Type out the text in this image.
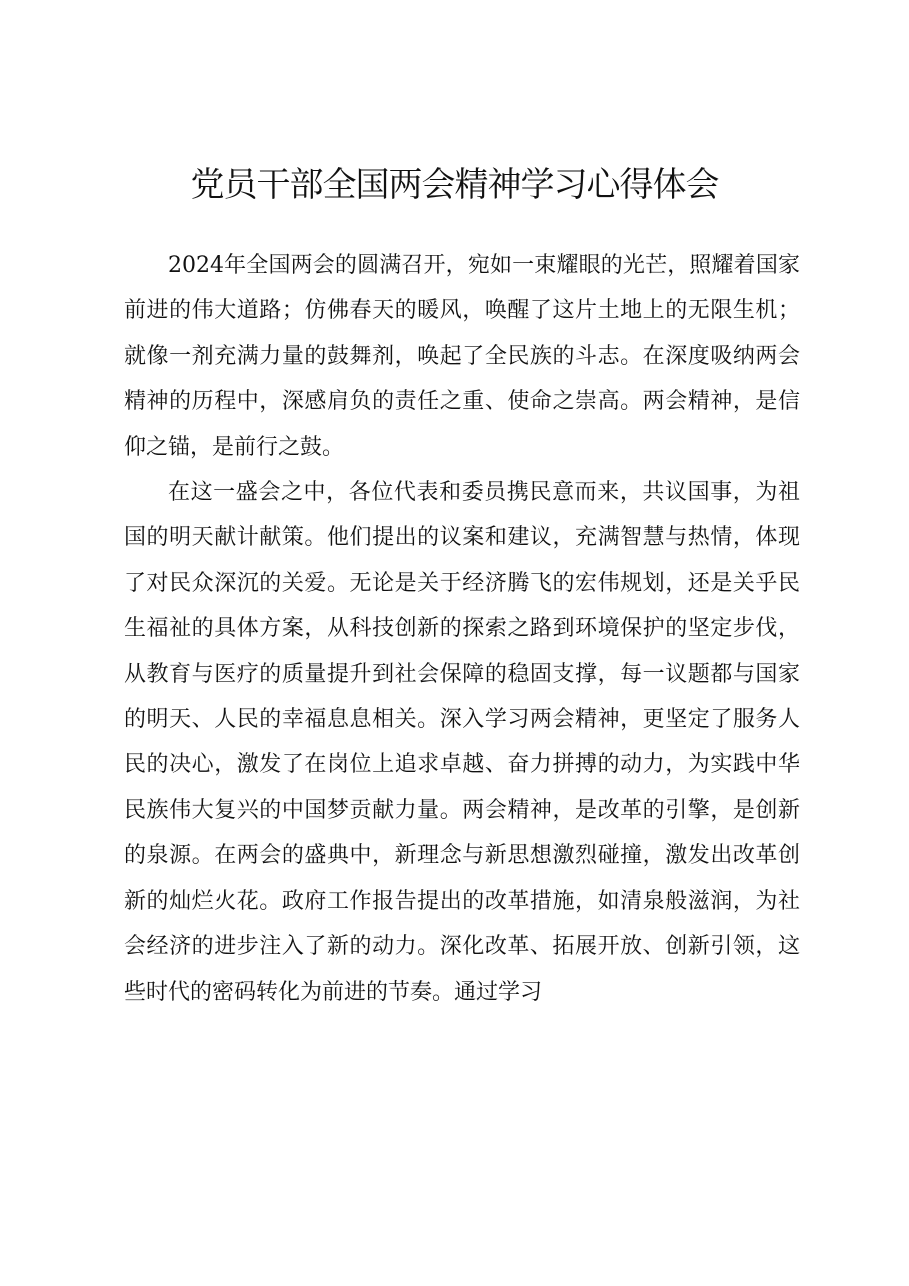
党员干部全国两会精神学习心得体会

2024年全国两会的圆满召开，宛如一束耀眼的光芒，照耀着国家前进的伟大道路；仿佛春天的暖风，唤醒了这片土地上的无限生机；就像一剂充满力量的鼓舞剂，唤起了全民族的斗志。在深度吸纳两会精神的历程中，深感肩负的责任之重、使命之崇高。两会精神，是信仰之锚，是前行之鼓。

在这一盛会之中，各位代表和委员携民意而来，共议国事，为祖国的明天献计献策。他们提出的议案和建议，充满智慧与热情，体现了对民众深沉的关爱。无论是关于经济腾飞的宏伟规划，还是关乎民生福祉的具体方案，从科技创新的探索之路到环境保护的坚定步伐，从教育与医疗的质量提升到社会保障的稳固支撑，每一议题都与国家的明天、人民的幸福息息相关。深入学习两会精神，更坚定了服务人民的决心，激发了在岗位上追求卓越、奋力拼搏的动力，为实践中华民族伟大复兴的中国梦贡献力量。两会精神，是改革的引擎，是创新的泉源。在两会的盛典中，新理念与新思想激烈碰撞，激发出改革创新的灿烂火花。政府工作报告提出的改革措施，如清泉般滋润，为社会经济的进步注入了新的动力。深化改革、拓展开放、创新引领，这些时代的密码转化为前进的节奏。通过学习
